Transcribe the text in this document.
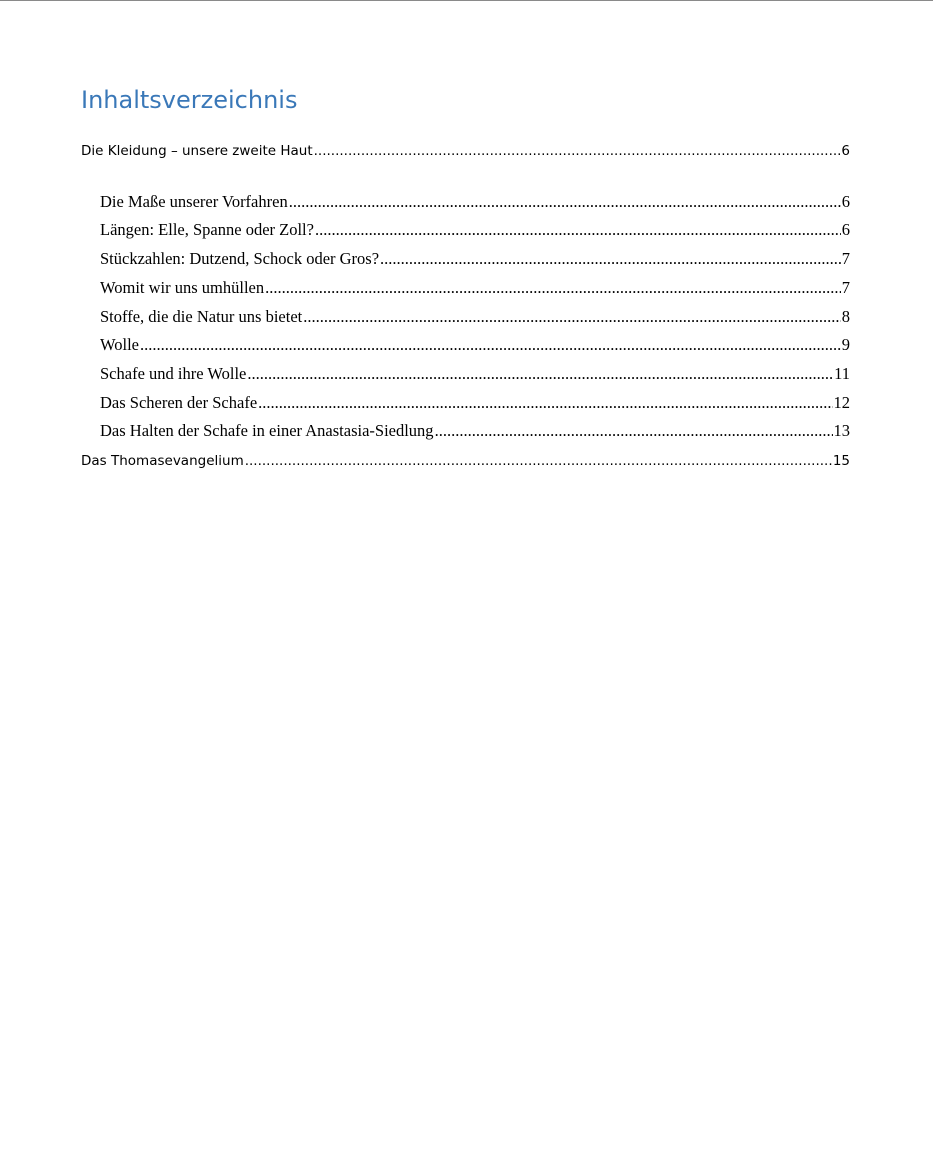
Inhaltsverzeichnis
Die Kleidung – unsere zweite Haut .....	6
Die Maße unserer Vorfahren .....	6
Längen: Elle, Spanne oder Zoll? .....	6
Stückzahlen: Dutzend, Schock oder Gros? .....	7
Womit wir uns umhüllen .....	7
Stoffe, die die Natur uns bietet .....	8
Wolle .....	9
Schafe und ihre Wolle .....	11
Das Scheren der Schafe .....	12
Das Halten der Schafe in einer Anastasia-Siedlung .....	13
Das Thomasevangelium .....	15
